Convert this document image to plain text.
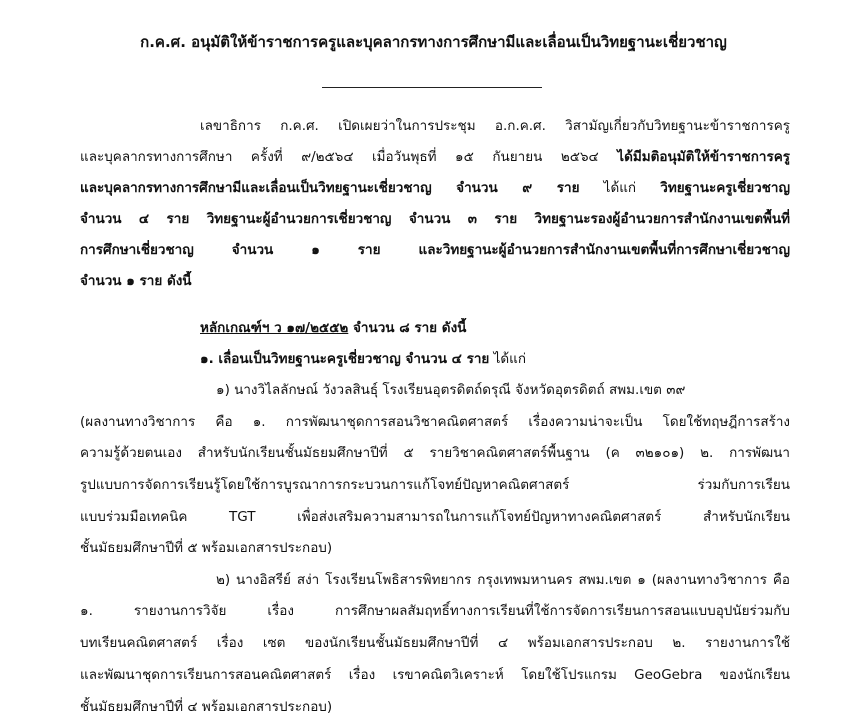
ก.ค.ศ. อนุมัติให้ข้าราชการครูและบุคลากรทางการศึกษามีและเลื่อนเป็นวิทยฐานะเชี่ยวชาญ
เลขาธิการ ก.ค.ศ. เปิดเผยว่าในการประชุม อ.ก.ค.ศ. วิสามัญเกี่ยวกับวิทยฐานะข้าราชการครู
และบุคลากรทางการศึกษา ครั้งที่ ๙/๒๕๖๔ เมื่อวันพุธที่ ๑๕ กันยายน ๒๕๖๔ ได้มีมติอนุมัติให้ข้าราชการครู
และบุคลากรทางการศึกษามีและเลื่อนเป็นวิทยฐานะเชี่ยวชาญ จำนวน ๙ ราย ได้แก่ วิทยฐานะครูเชี่ยวชาญ
จำนวน ๔ ราย วิทยฐานะผู้อำนวยการเชี่ยวชาญ จำนวน ๓ ราย วิทยฐานะรองผู้อำนวยการสำนักงานเขตพื้นที่
การศึกษาเชี่ยวชาญ จำนวน ๑ ราย และวิทยฐานะผู้อำนวยการสำนักงานเขตพื้นที่การศึกษาเชี่ยวชาญ
จำนวน ๑ ราย ดังนี้
หลักเกณฑ์ฯ ว ๑๗/๒๕๕๒ จำนวน ๘ ราย ดังนี้
๑. เลื่อนเป็นวิทยฐานะครูเชี่ยวชาญ จำนวน ๔ ราย ได้แก่
๑) นางวิไลลักษณ์ วังวลสินธุ์ โรงเรียนอุตรดิตถ์ดรุณี จังหวัดอุตรดิตถ์ สพม.เขต ๓๙
(ผลงานทางวิชาการ คือ ๑. การพัฒนาชุดการสอนวิชาคณิตศาสตร์ เรื่องความน่าจะเป็น โดยใช้ทฤษฎีการสร้าง
ความรู้ด้วยตนเอง สำหรับนักเรียนชั้นมัธยมศึกษาปีที่ ๕ รายวิชาคณิตศาสตร์พื้นฐาน (ค ๓๒๑๐๑) ๒. การพัฒนา
รูปแบบการจัดการเรียนรู้โดยใช้การบูรณาการกระบวนการแก้โจทย์ปัญหาคณิตศาสตร์ ร่วมกับการเรียน
แบบร่วมมือเทคนิค TGT เพื่อส่งเสริมความสามารถในการแก้โจทย์ปัญหาทางคณิตศาสตร์ สำหรับนักเรียน
ชั้นมัธยมศึกษาปีที่ ๕ พร้อมเอกสารประกอบ)
๒) นางอิสรีย์ สง่า โรงเรียนโพธิสารพิทยากร กรุงเทพมหานคร สพม.เขต ๑ (ผลงานทางวิชาการ คือ
๑. รายงานการวิจัย เรื่อง การศึกษาผลสัมฤทธิ์ทางการเรียนที่ใช้การจัดการเรียนการสอนแบบอุปนัยร่วมกับ
บทเรียนคณิตศาสตร์ เรื่อง เซต ของนักเรียนชั้นมัธยมศึกษาปีที่ ๔ พร้อมเอกสารประกอบ ๒. รายงานการใช้
และพัฒนาชุดการเรียนการสอนคณิตศาสตร์ เรื่อง เรขาคณิตวิเคราะห์ โดยใช้โปรแกรม GeoGebra ของนักเรียน
ชั้นมัธยมศึกษาปีที่ ๔ พร้อมเอกสารประกอบ)
